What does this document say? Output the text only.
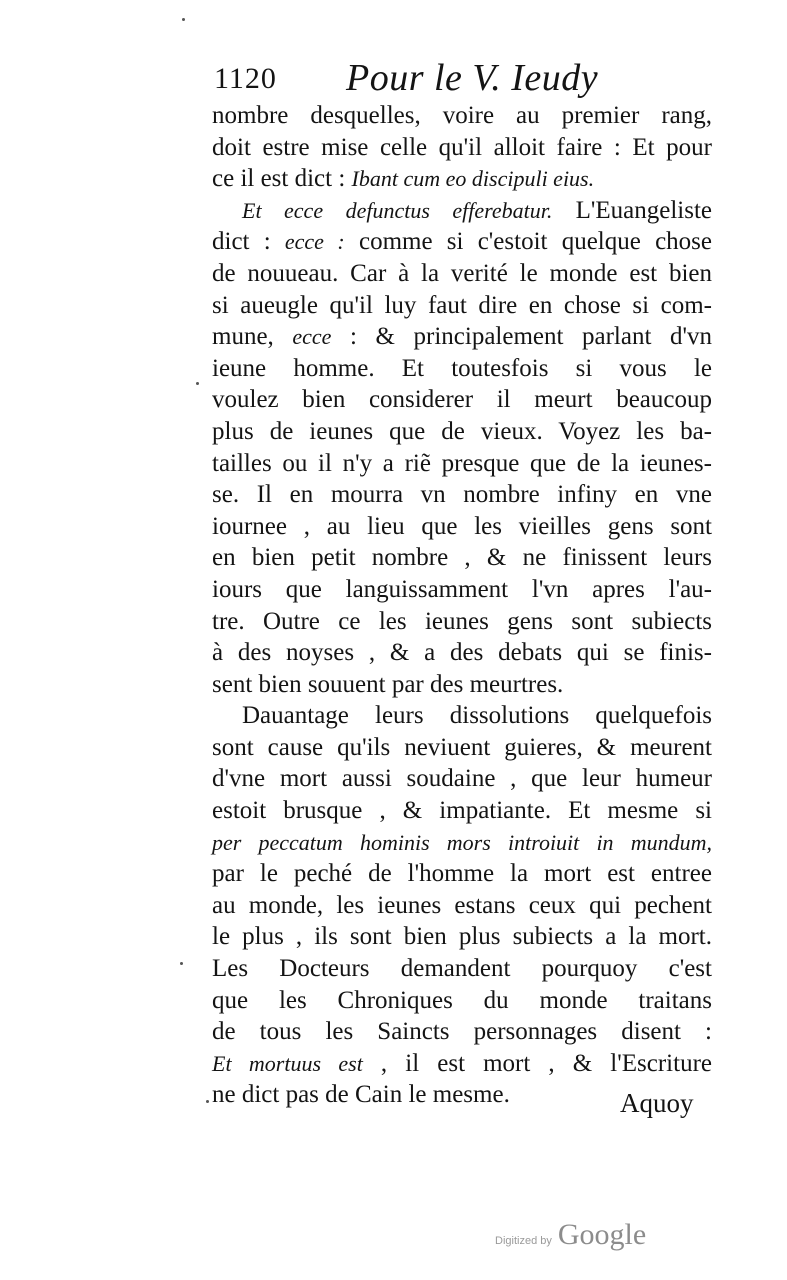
1120 Pour le V. Ieudy
nombre desquelles, voire au premier rang,
doit estre mise celle qu'il alloit faire : Et pour
ce il est dict : Ibant cum eo discipuli eius.
Et ecce defunctus efferebatur. L'Euangeliste
dict : ecce : comme si c'estoit quelque chose
de nouueau. Car à la verité le monde est bien
si aueugle qu'il luy faut dire en chose si com-
mune, ecce : & principalement parlant d'vn
ieune homme. Et toutesfois si vous le
voulez bien considerer il meurt beaucoup
plus de ieunes que de vieux. Voyez les ba-
tailles ou il n'y a riẽ presque que de la ieunes-
se. Il en mourra vn nombre infiny en vne
iournee , au lieu que les vieilles gens sont
en bien petit nombre , & ne finissent leurs
iours que languissamment l'vn apres l'au-
tre. Outre ce les ieunes gens sont subiects
à des noyses , & a des debats qui se finis-
sent bien souuent par des meurtres.
Dauantage leurs dissolutions quelquefois
sont cause qu'ils neviuent guieres, & meurent
d'vne mort aussi soudaine , que leur humeur
estoit brusque , & impatiante. Et mesme si
per peccatum hominis mors introiuit in mundum,
par le peché de l'homme la mort est entree
au monde, les ieunes estans ceux qui pechent
le plus , ils sont bien plus subiects a la mort.
Les Docteurs demandent pourquoy c'est
que les Chroniques du monde traitans
de tous les Saincts personnages disent :
Et mortuus est , il est mort , & l'Escriture
ne dict pas de Cain le mesme.	Aquoy
Digitized by Google
